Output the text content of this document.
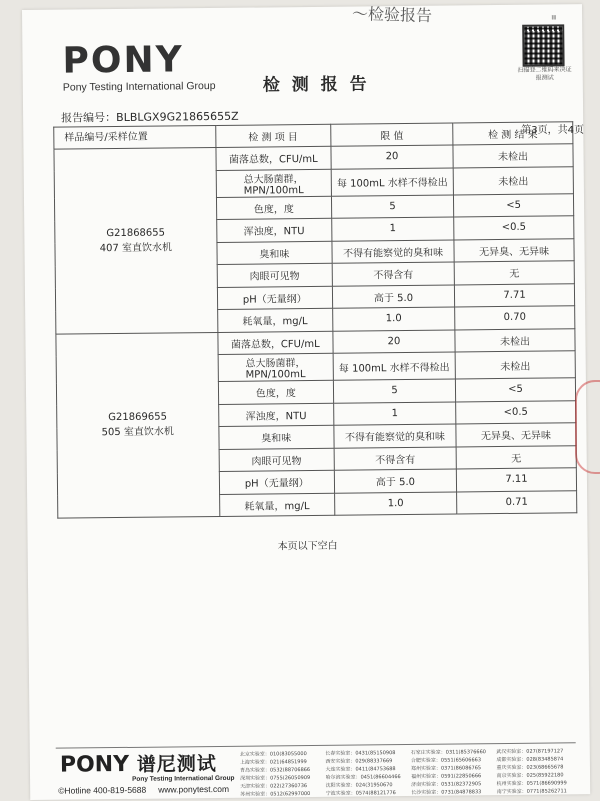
～检验报告
PONY
Pony Testing International Group	检 测 报 告
ⅠⅡ
扫描登二维码来决证报测试
报告编号：BLBLGX9G21865655Z
样品编号/采样位置	检 测 项 目	限 值	检 测 结 果

G21868655
407 室直饮水机	菌落总数，CFU/mL	20	未检出
	总大肠菌群，MPN/100mL	每 100mL 水样不得检出	未检出
	色度，度	5	<5
	浑浊度，NTU	1	<0.5
	臭和味	不得有能察觉的臭和味	无异臭、无异味
	肉眼可见物	不得含有	无
	pH（无量纲）	高于 5.0	7.71
	耗氧量，mg/L	1.0	0.70

G21869655
505 室直饮水机	菌落总数，CFU/mL	20	未检出
	总大肠菌群，MPN/100mL	每 100mL 水样不得检出	未检出
	色度，度	5	<5
	浑浊度，NTU	1	<0.5
	臭和味	不得有能察觉的臭和味	无异臭、无异味
	肉眼可见物	不得含有	无
	pH（无量纲）	高于 5.0	7.11
	耗氧量，mg/L	1.0	0.71
本页以下空白
PONY 谱尼测试
Pony Testing International Group
©Hotline 400-819-5688 www.ponytest.com
北京实验室：010(83055000	长春实验室：0431(85150908	石家庄实验室：0311(85376660	武汉实验室：027(87197127
上海实验室：021(64851999	西安实验室：029(88337669	合肥实验室：0551(65606663	成都实验室：028(83485874
青岛实验室：0532(88706866	大连实验室：0411(84753688	郑州实验室：0371(86086765	重庆实验室：023(68665678
深圳实验室：0755(26050909	哈尔滨实验室：0451(86604466	福州实验室：0591(22850666	南京实验室：025(85922180
天津实验室：022(27360736	沈阳实验室：024(31950670	济南实验室：0531(82372905	杭州实验室：0571(86690999
苏州实验室：0512(62997000	宁波实验室：0574(88121776	长沙实验室：0731(84878833	南宁实验室：0771(85262711
第3页，共4页
